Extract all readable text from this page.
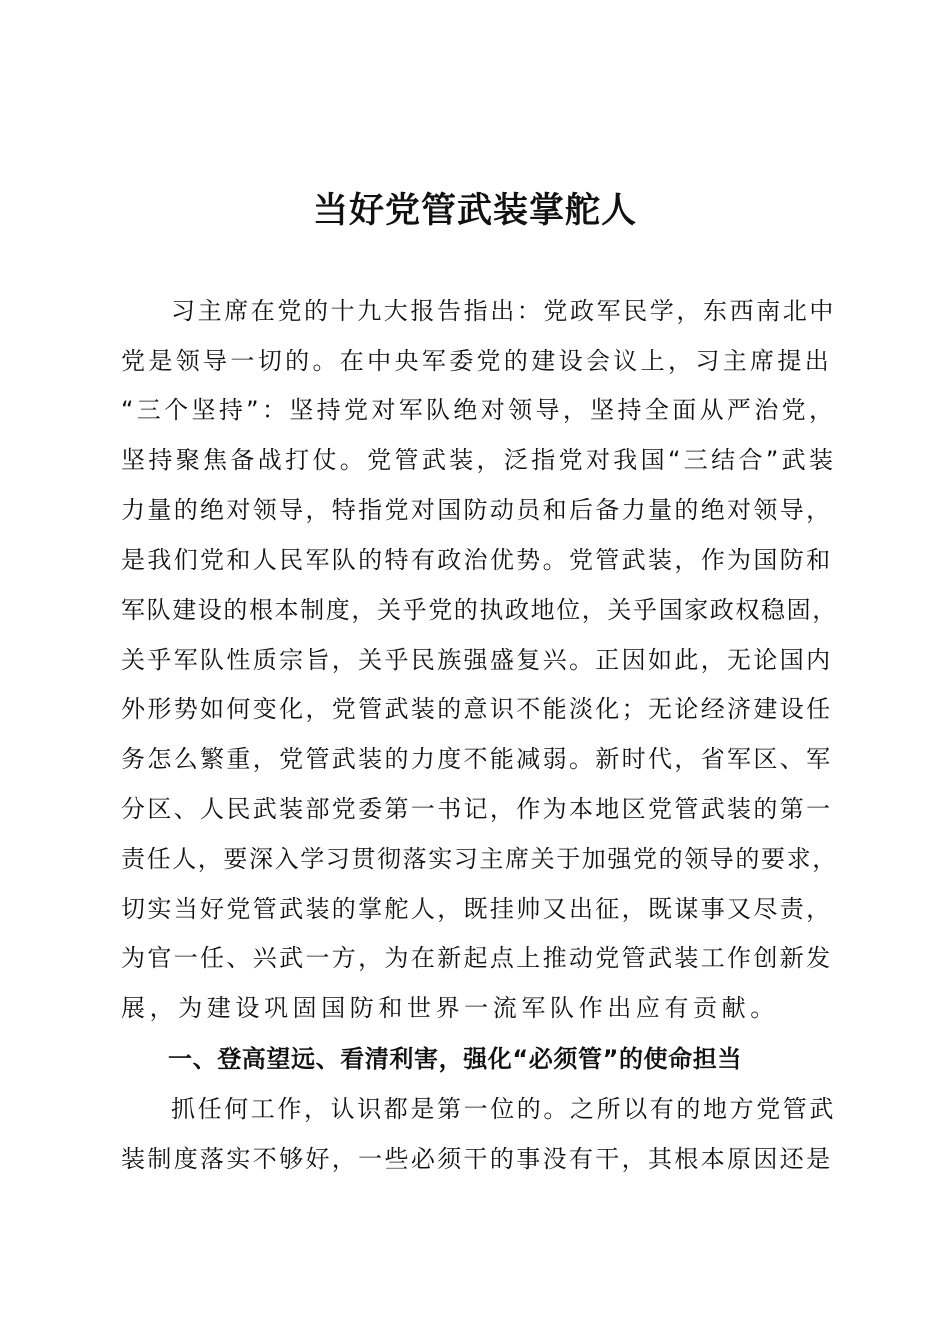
当好党管武装掌舵人

习主席在党的十九大报告指出：党政军民学，东西南北中

党是领导一切的。在中央军委党的建设会议上，习主席提出

“三个坚持”：坚持党对军队绝对领导，坚持全面从严治党，

坚持聚焦备战打仗。党管武装，泛指党对我国“三结合”武装

力量的绝对领导，特指党对国防动员和后备力量的绝对领导，

是我们党和人民军队的特有政治优势。党管武装，作为国防和

军队建设的根本制度，关乎党的执政地位，关乎国家政权稳固，

关乎军队性质宗旨，关乎民族强盛复兴。正因如此，无论国内

外形势如何变化，党管武装的意识不能淡化；无论经济建设任

务怎么繁重，党管武装的力度不能减弱。新时代，省军区、军

分区、人民武装部党委第一书记，作为本地区党管武装的第一

责任人，要深入学习贯彻落实习主席关于加强党的领导的要求，

切实当好党管武装的掌舵人，既挂帅又出征，既谋事又尽责，

为官一任、兴武一方，为在新起点上推动党管武装工作创新发

展，为建设巩固国防和世界一流军队作出应有贡献。

一、登高望远、看清利害，强化“必须管”的使命担当

抓任何工作，认识都是第一位的。之所以有的地方党管武

装制度落实不够好，一些必须干的事没有干，其根本原因还是
